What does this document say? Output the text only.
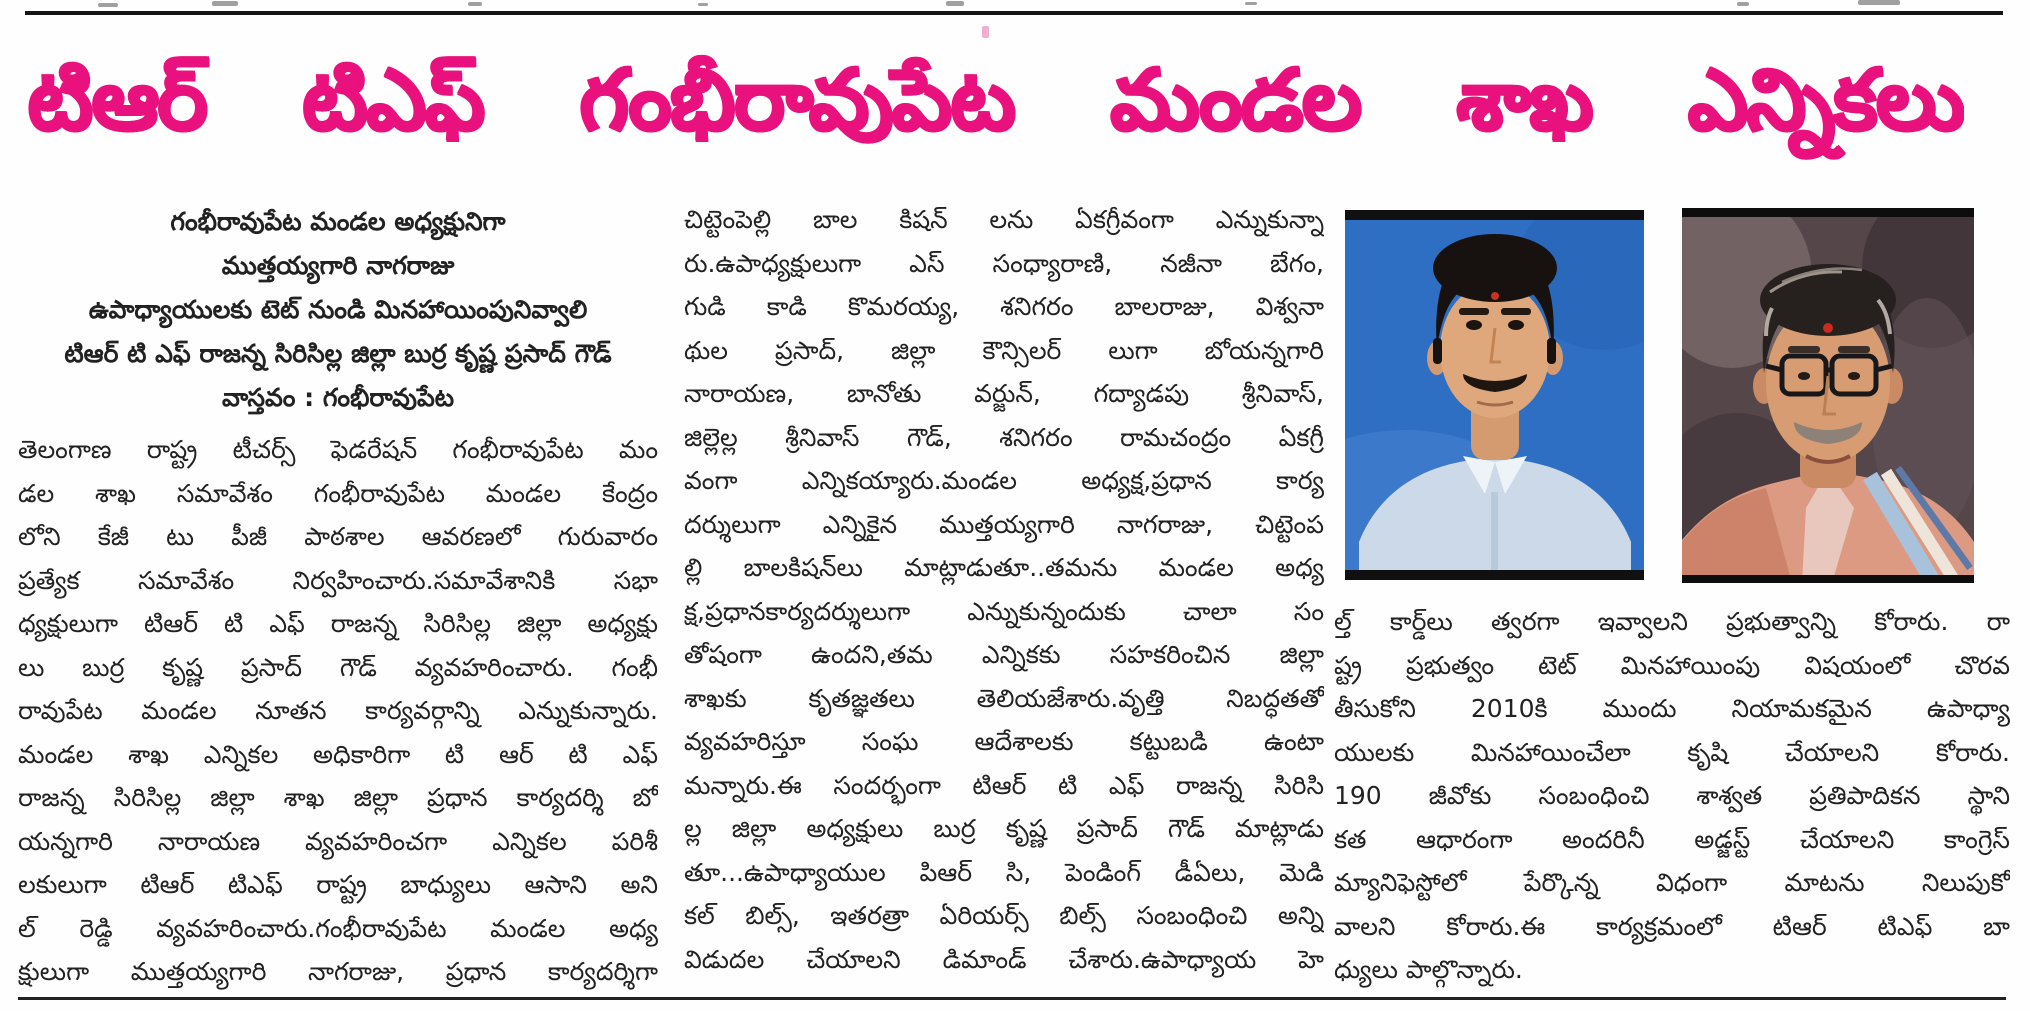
టిఆర్ టిఎఫ్ గంభీరావుపేట మండల శాఖ ఎన్నికలు
గంభీరావుపేట మండల అధ్యక్షునిగా
ముత్తయ్యగారి నాగరాజు
ఉపాధ్యాయులకు టెట్ నుండి మినహాయింపునివ్వాలి
టిఆర్ టి ఎఫ్ రాజన్న సిరిసిల్ల జిల్లా బుర్ర కృష్ణ ప్రసాద్ గౌడ్
వాస్తవం : గంభీరావుపేట
తెలంగాణ రాష్ట్ర టీచర్స్ ఫెడరేషన్ గంభీరావుపేట మం
డల శాఖ సమావేశం గంభీరావుపేట మండల కేంద్రం
లోని కేజీ టు పీజీ పాఠశాల ఆవరణలో గురువారం
ప్రత్యేక సమావేశం నిర్వహించారు.సమావేశానికి సభా
ధ్యక్షులుగా టిఆర్ టి ఎఫ్ రాజన్న సిరిసిల్ల జిల్లా అధ్యక్షు
లు బుర్ర కృష్ణ ప్రసాద్ గౌడ్ వ్యవహరించారు. గంభీ
రావుపేట మండల నూతన కార్యవర్గాన్ని ఎన్నుకున్నారు.
మండల శాఖ ఎన్నికల అధికారిగా టి ఆర్ టి ఎఫ్
రాజన్న సిరిసిల్ల జిల్లా శాఖ జిల్లా ప్రధాన కార్యదర్శి బో
యన్నగారి నారాయణ వ్యవహరించగా ఎన్నికల పరిశీ
లకులుగా టిఆర్ టిఎఫ్ రాష్ట్ర బాధ్యులు ఆసాని అని
ల్ రెడ్డి వ్యవహరించారు.గంభీరావుపేట మండల అధ్య
క్షులుగా ముత్తయ్యగారి నాగరాజు, ప్రధాన కార్యదర్శిగా
చిట్టెంపెల్లి బాల కిషన్ లను ఏకగ్రీవంగా ఎన్నుకున్నా
రు.ఉపాధ్యక్షులుగా ఎస్ సంధ్యారాణి, నజీనా బేగం,
గుడి కాడి కొమరయ్య, శనిగరం బాలరాజు, విశ్వనా
థుల ప్రసాద్, జిల్లా కౌన్సిలర్ లుగా బోయన్నగారి
నారాయణ, బానోతు వర్జున్, గద్యాడపు శ్రీనివాస్,
జిల్లెల్ల శ్రీనివాస్ గౌడ్, శనిగరం రామచంద్రం ఏకగ్రీ
వంగా ఎన్నికయ్యారు.మండల అధ్యక్ష,ప్రధాన కార్య
దర్శులుగా ఎన్నికైన ముత్తయ్యగారి నాగరాజు, చిట్టెంప
ల్లి బాలకిషన్‌లు మాట్లాడుతూ..తమను మండల అధ్య
క్ష,ప్రధానకార్యదర్శులుగా ఎన్నుకున్నందుకు చాలా సం
తోషంగా ఉందని,తమ ఎన్నికకు సహకరించిన జిల్లా
శాఖకు కృతజ్ఞతలు తెలియజేశారు.వృత్తి నిబద్ధతతో
వ్యవహరిస్తూ సంఘ ఆదేశాలకు కట్టుబడి ఉంటా
మన్నారు.ఈ సందర్భంగా టిఆర్ టి ఎఫ్ రాజన్న సిరిసి
ల్ల జిల్లా అధ్యక్షులు బుర్ర కృష్ణ ప్రసాద్ గౌడ్ మాట్లాడు
తూ...ఉపాధ్యాయుల పిఆర్ సి, పెండింగ్ డీఏలు, మెడి
కల్ బిల్స్, ఇతరత్రా ఏరియర్స్ బిల్స్ సంబంధించి అన్ని
విడుదల చేయాలని డిమాండ్ చేశారు.ఉపాధ్యాయ హె
ల్త్ కార్డ్‌లు త్వరగా ఇవ్వాలని ప్రభుత్వాన్ని కోరారు. రా
ష్ట్ర ప్రభుత్వం టెట్ మినహాయింపు విషయంలో చొరవ
తీసుకోని 2010కి ముందు నియామకమైన ఉపాధ్యా
యులకు మినహాయించేలా కృషి చేయాలని కోరారు.
190 జీవోకు సంబంధించి శాశ్వత ప్రతిపాదికన స్థాని
కత ఆధారంగా అందరినీ అడ్జస్ట్ చేయాలని కాంగ్రెస్
మ్యానిఫెస్టోలో పేర్కొన్న విధంగా మాటను నిలుపుకో
వాలని కోరారు.ఈ కార్యక్రమంలో టిఆర్ టిఎఫ్ బా
ధ్యులు పాల్గొన్నారు.
